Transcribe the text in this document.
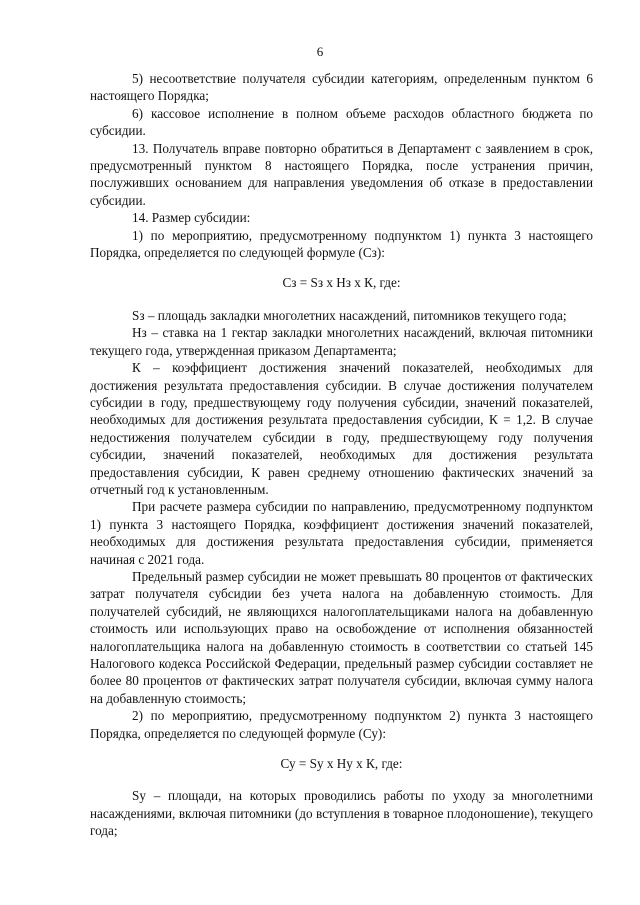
6

5) несоответствие получателя субсидии категориям, определенным пунктом 6 настоящего Порядка;

6) кассовое исполнение в полном объеме расходов областного бюджета по субсидии.

13. Получатель вправе повторно обратиться в Департамент с заявлением в срок, предусмотренный пунктом 8 настоящего Порядка, после устранения причин, послуживших основанием для направления уведомления об отказе в предоставлении субсидии.

14. Размер субсидии:

1) по мероприятию, предусмотренному подпунктом 1) пункта 3 настоящего Порядка, определяется по следующей формуле (Сз):

Сз = Sз х Нз х К, где:

Sз – площадь закладки многолетних насаждений, питомников текущего года;

Нз – ставка на 1 гектар закладки многолетних насаждений, включая питомники текущего года, утвержденная приказом Департамента;

К – коэффициент достижения значений показателей, необходимых для достижения результата предоставления субсидии. В случае достижения получателем субсидии в году, предшествующему году получения субсидии, значений показателей, необходимых для достижения результата предоставления субсидии, К = 1,2. В случае недостижения получателем субсидии в году, предшествующему году получения субсидии, значений показателей, необходимых для достижения результата предоставления субсидии, К равен среднему отношению фактических значений за отчетный год к установленным.

При расчете размера субсидии по направлению, предусмотренному подпунктом 1) пункта 3 настоящего Порядка, коэффициент достижения значений показателей, необходимых для достижения результата предоставления субсидии, применяется начиная с 2021 года.

Предельный размер субсидии не может превышать 80 процентов от фактических затрат получателя субсидии без учета налога на добавленную стоимость. Для получателей субсидий, не являющихся налогоплательщиками налога на добавленную стоимость или использующих право на освобождение от исполнения обязанностей налогоплательщика налога на добавленную стоимость в соответствии со статьей 145 Налогового кодекса Российской Федерации, предельный размер субсидии составляет не более 80 процентов от фактических затрат получателя субсидии, включая сумму налога на добавленную стоимость;

2) по мероприятию, предусмотренному подпунктом 2) пункта 3 настоящего Порядка, определяется по следующей формуле (Су):

Су = Sу х Ну х К, где:

Sу – площади, на которых проводились работы по уходу за многолетними насаждениями, включая питомники (до вступления в товарное плодоношение), текущего года;
